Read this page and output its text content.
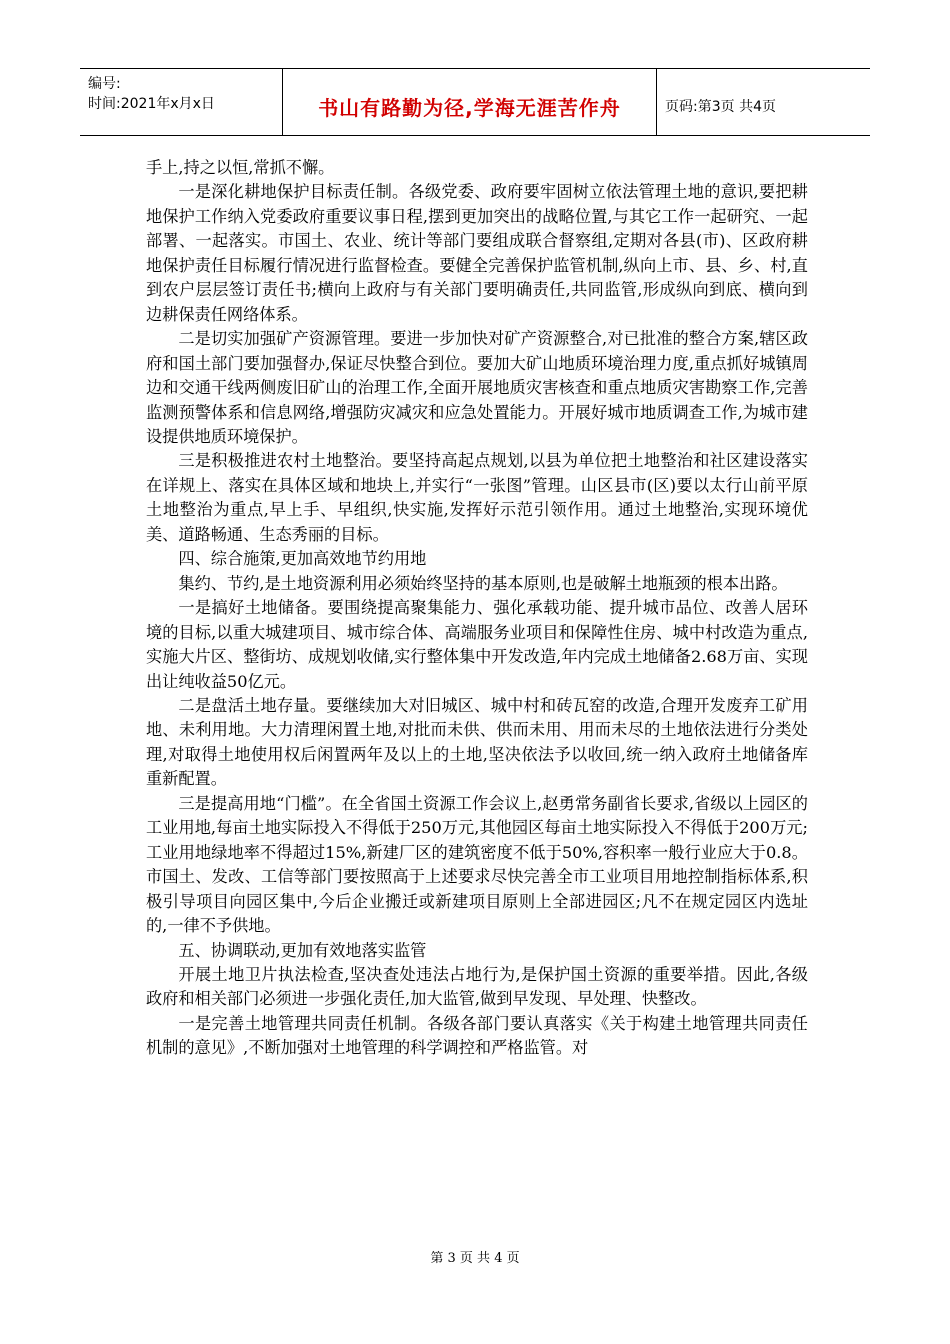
编号:
时间:2021年x月x日	书山有路勤为径,学海无涯苦作舟	页码:第3页 共4页

手上,持之以恒,常抓不懈。

一是深化耕地保护目标责任制。各级党委、政府要牢固树立依法管理土地的意识,要把耕地保护工作纳入党委政府重要议事日程,摆到更加突出的战略位置,与其它工作一起研究、一起部署、一起落实。市国土、农业、统计等部门要组成联合督察组,定期对各县(市)、区政府耕地保护责任目标履行情况进行监督检查。要健全完善保护监管机制,纵向上市、县、乡、村,直到农户层层签订责任书;横向上政府与有关部门要明确责任,共同监管,形成纵向到底、横向到边耕保责任网络体系。

二是切实加强矿产资源管理。要进一步加快对矿产资源整合,对已批准的整合方案,辖区政府和国土部门要加强督办,保证尽快整合到位。要加大矿山地质环境治理力度,重点抓好城镇周边和交通干线两侧废旧矿山的治理工作,全面开展地质灾害核查和重点地质灾害勘察工作,完善监测预警体系和信息网络,增强防灾减灾和应急处置能力。开展好城市地质调查工作,为城市建设提供地质环境保护。

三是积极推进农村土地整治。要坚持高起点规划,以县为单位把土地整治和社区建设落实在详规上、落实在具体区域和地块上,并实行“一张图”管理。山区县市(区)要以太行山前平原土地整治为重点,早上手、早组织,快实施,发挥好示范引领作用。通过土地整治,实现环境优美、道路畅通、生态秀丽的目标。

四、综合施策,更加高效地节约用地

集约、节约,是土地资源利用必须始终坚持的基本原则,也是破解土地瓶颈的根本出路。

一是搞好土地储备。要围绕提高聚集能力、强化承载功能、提升城市品位、改善人居环境的目标,以重大城建项目、城市综合体、高端服务业项目和保障性住房、城中村改造为重点,实施大片区、整街坊、成规划收储,实行整体集中开发改造,年内完成土地储备2.68万亩、实现出让纯收益50亿元。

二是盘活土地存量。要继续加大对旧城区、城中村和砖瓦窑的改造,合理开发废弃工矿用地、未利用地。大力清理闲置土地,对批而未供、供而未用、用而未尽的土地依法进行分类处理,对取得土地使用权后闲置两年及以上的土地,坚决依法予以收回,统一纳入政府土地储备库重新配置。

三是提高用地“门槛”。在全省国土资源工作会议上,赵勇常务副省长要求,省级以上园区的工业用地,每亩土地实际投入不得低于250万元,其他园区每亩土地实际投入不得低于200万元;工业用地绿地率不得超过15%,新建厂区的建筑密度不低于50%,容积率一般行业应大于0.8。市国土、发改、工信等部门要按照高于上述要求尽快完善全市工业项目用地控制指标体系,积极引导项目向园区集中,今后企业搬迁或新建项目原则上全部进园区;凡不在规定园区内选址的,一律不予供地。

五、协调联动,更加有效地落实监管

开展土地卫片执法检查,坚决查处违法占地行为,是保护国土资源的重要举措。因此,各级政府和相关部门必须进一步强化责任,加大监管,做到早发现、早处理、快整改。

一是完善土地管理共同责任机制。各级各部门要认真落实《关于构建土地管理共同责任机制的意见》,不断加强对土地管理的科学调控和严格监管。对

第 3 页 共 4 页
